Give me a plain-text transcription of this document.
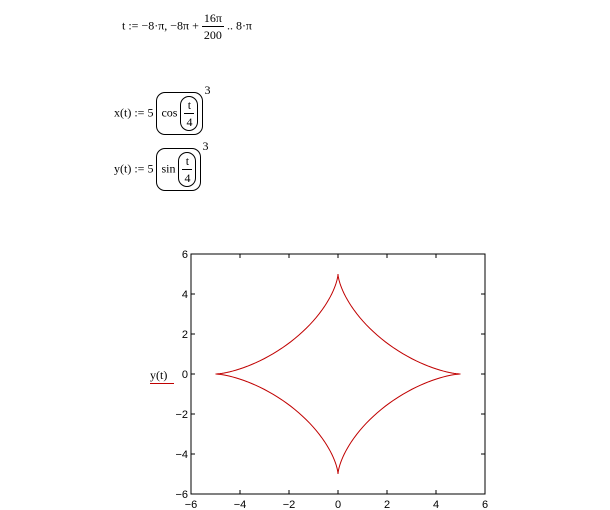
t := −8·π, $-8\pi + \frac{16\pi}{200}$ .. 8·π
x(t) := 5 $\cos \frac{t}{4}$
3
y(t) := 5 $\sin \frac{t}{4}$
3
−6	−4	−2	0	2	4	6
6
4
2
0
−2
−4
−6
y(t)
